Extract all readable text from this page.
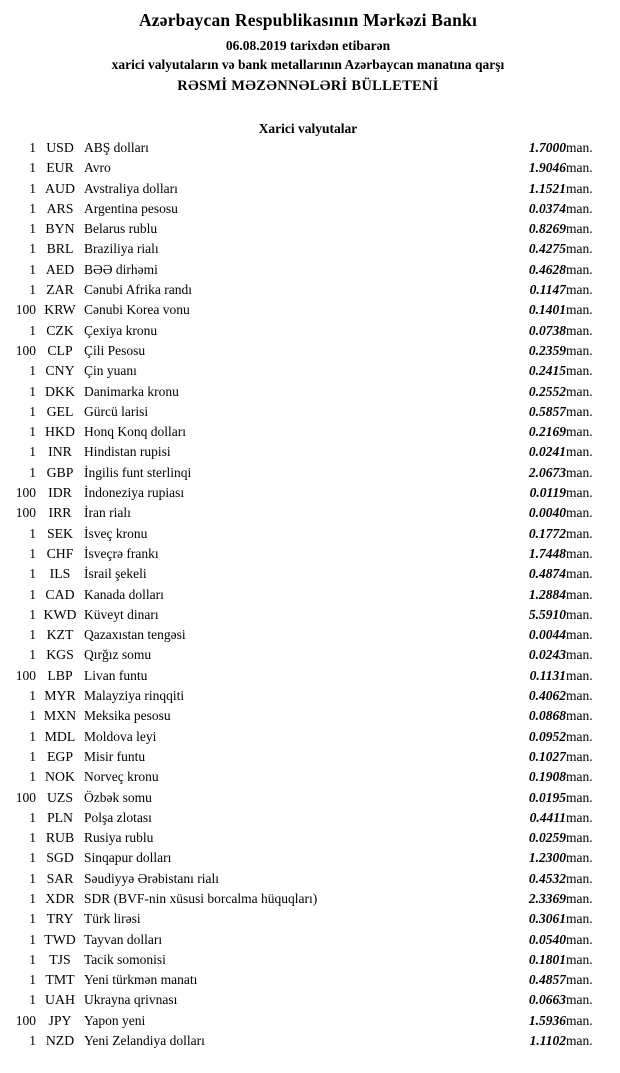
Azərbaycan Respublikasının Mərkəzi Bankı
06.08.2019 tarixdən etibarən
xarici valyutaların və bank metallarının Azərbaycan manatına qarşı
RƏSMİ MƏZƏNNƏLƏRİ BÜLLETENİ
Xarici valyutalar
1	USD	ABŞ dolları	1.7000	man.
1	EUR	Avro	1.9046	man.
1	AUD	Avstraliya dolları	1.1521	man.
1	ARS	Argentina pesosu	0.0374	man.
1	BYN	Belarus rublu	0.8269	man.
1	BRL	Braziliya rialı	0.4275	man.
1	AED	BƏƏ dirhəmi	0.4628	man.
1	ZAR	Cənubi Afrika randı	0.1147	man.
100	KRW	Cənubi Korea vonu	0.1401	man.
1	CZK	Çexiya kronu	0.0738	man.
100	CLP	Çili Pesosu	0.2359	man.
1	CNY	Çin yuanı	0.2415	man.
1	DKK	Danimarka kronu	0.2552	man.
1	GEL	Gürcü larisi	0.5857	man.
1	HKD	Honq Konq dolları	0.2169	man.
1	INR	Hindistan rupisi	0.0241	man.
1	GBP	İngilis funt sterlinqi	2.0673	man.
100	IDR	İndoneziya rupiası	0.0119	man.
100	IRR	İran rialı	0.0040	man.
1	SEK	İsveç kronu	0.1772	man.
1	CHF	İsveçrə frankı	1.7448	man.
1	ILS	İsrail şekeli	0.4874	man.
1	CAD	Kanada dolları	1.2884	man.
1	KWD	Küveyt dinarı	5.5910	man.
1	KZT	Qazaxıstan tengəsi	0.0044	man.
1	KGS	Qırğız somu	0.0243	man.
100	LBP	Livan funtu	0.1131	man.
1	MYR	Malayziya rinqqiti	0.4062	man.
1	MXN	Meksika pesosu	0.0868	man.
1	MDL	Moldova leyi	0.0952	man.
1	EGP	Misir funtu	0.1027	man.
1	NOK	Norveç kronu	0.1908	man.
100	UZS	Özbək somu	0.0195	man.
1	PLN	Polşa zlotası	0.4411	man.
1	RUB	Rusiya rublu	0.0259	man.
1	SGD	Sinqapur dolları	1.2300	man.
1	SAR	Səudiyyə Ərəbistanı rialı	0.4532	man.
1	XDR	SDR (BVF-nin xüsusi borcalma hüquqları)	2.3369	man.
1	TRY	Türk lirəsi	0.3061	man.
1	TWD	Tayvan dolları	0.0540	man.
1	TJS	Tacik somonisi	0.1801	man.
1	TMT	Yeni türkmən manatı	0.4857	man.
1	UAH	Ukrayna qrivnası	0.0663	man.
100	JPY	Yapon yeni	1.5936	man.
1	NZD	Yeni Zelandiya dolları	1.1102	man.
